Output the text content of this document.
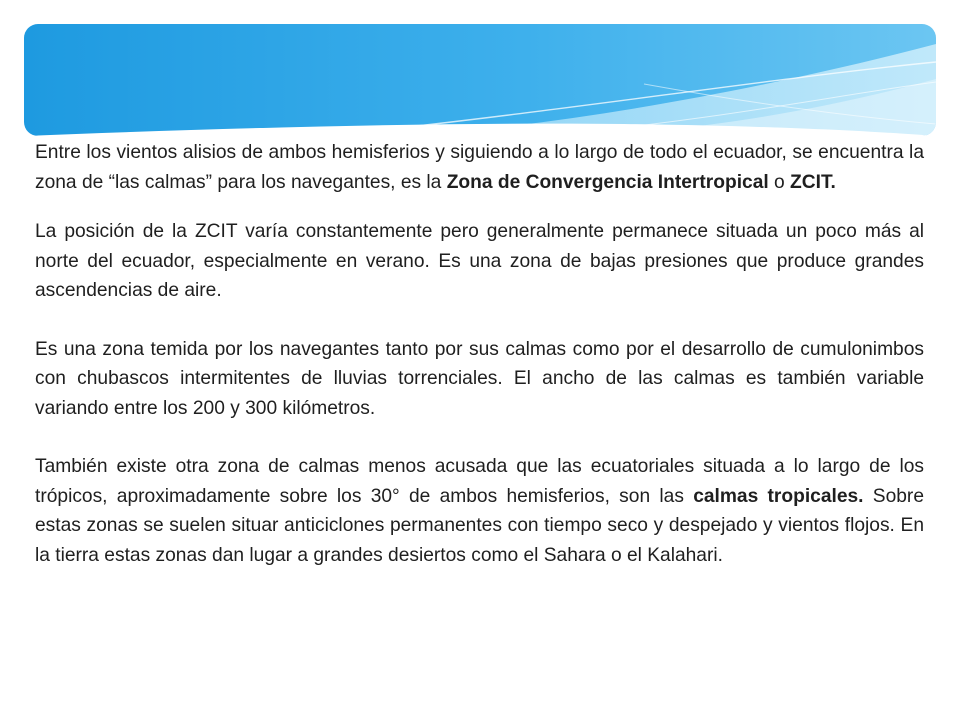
Entre los vientos alisios de ambos hemisferios y siguiendo a lo largo de todo el ecuador, se encuentra la zona de “las calmas” para los navegantes, es la Zona de Convergencia Intertropical o ZCIT.

La posición de la ZCIT varía constantemente pero generalmente permanece situada un poco más al norte del ecuador, especialmente en verano. Es una zona de bajas presiones que produce grandes ascendencias de aire.

Es una zona temida por los navegantes tanto por sus calmas como por el desarrollo de cumulonimbos con chubascos intermitentes de lluvias torrenciales. El ancho de las calmas es también variable variando entre los 200 y 300 kilómetros.

También existe otra zona de calmas menos acusada que las ecuatoriales situada a lo largo de los trópicos, aproximadamente sobre los 30° de ambos hemisferios, son las calmas tropicales. Sobre estas zonas se suelen situar anticiclones permanentes con tiempo seco y despejado y vientos flojos. En la tierra estas zonas dan lugar a grandes desiertos como el Sahara o el Kalahari.
